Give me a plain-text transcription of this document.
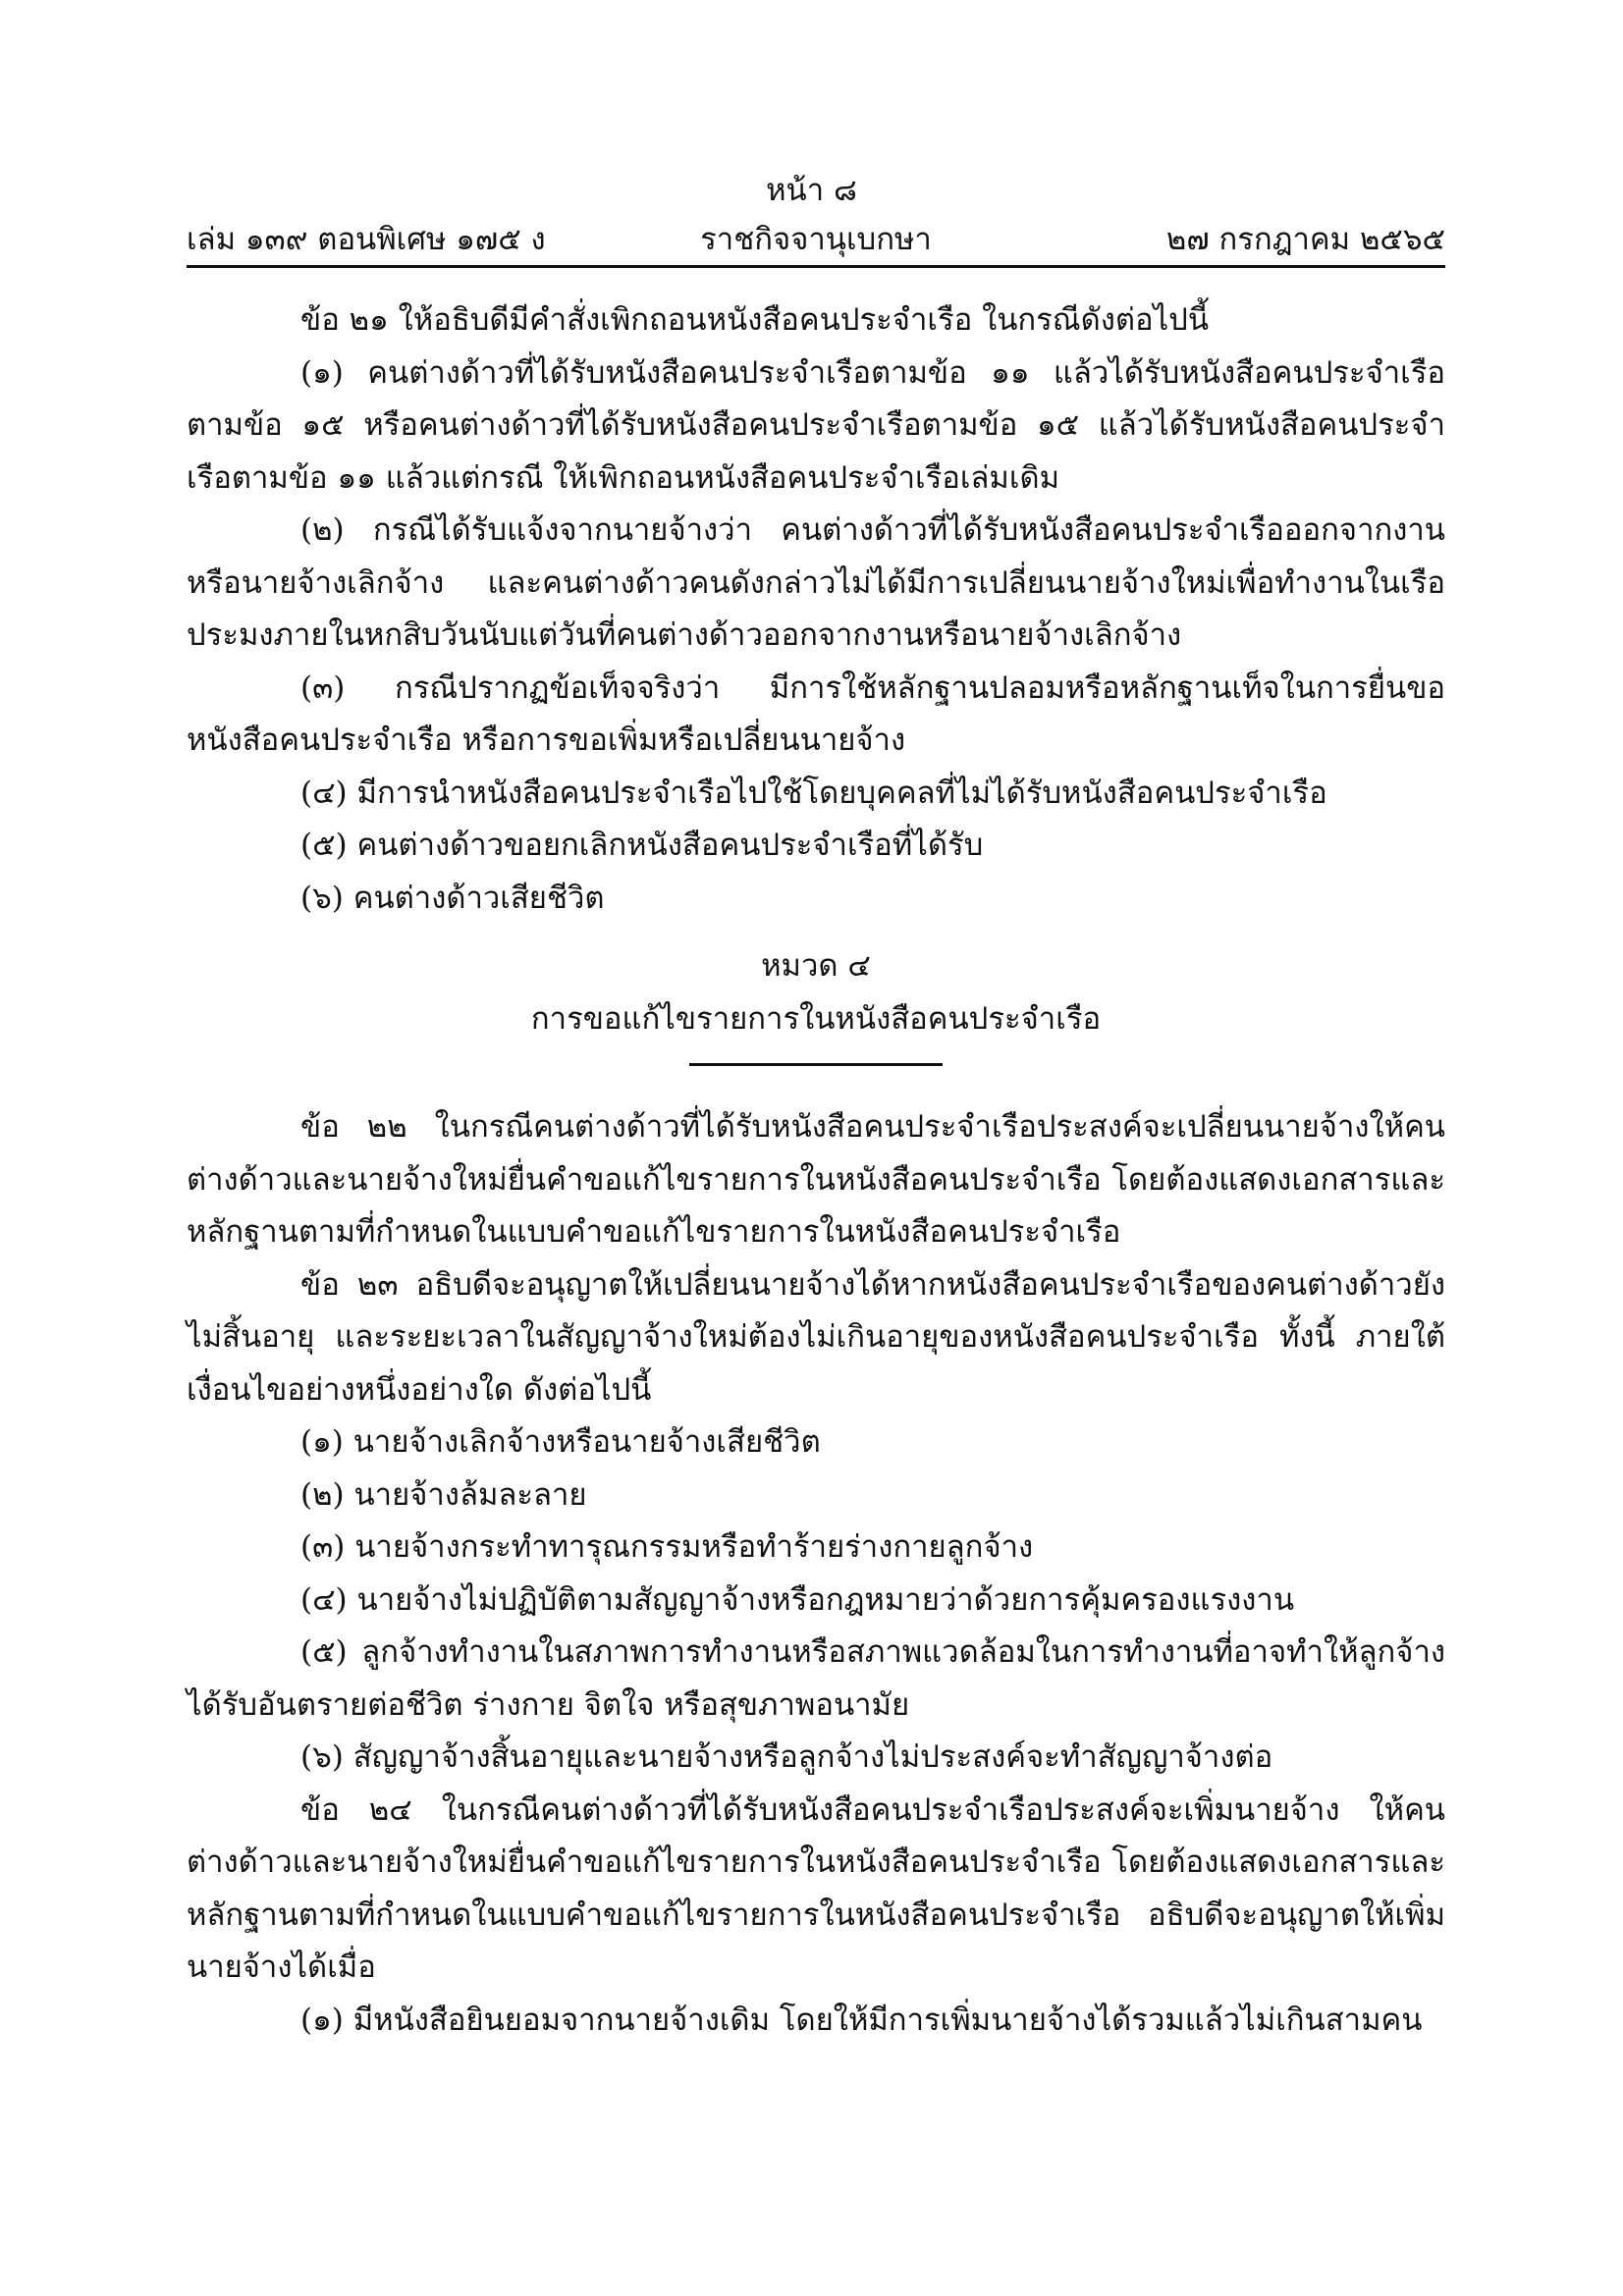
หน้า ๘
ราชกิจจานุเบกษา
เล่ม ๑๓๙ ตอนพิเศษ ๑๗๕ ง	๒๗ กรกฎาคม ๒๕๖๕

ข้อ ๒๑ ให้อธิบดีมีคำสั่งเพิกถอนหนังสือคนประจำเรือ ในกรณีดังต่อไปนี้

(๑) คนต่างด้าวที่ได้รับหนังสือคนประจำเรือตามข้อ ๑๑ แล้วได้รับหนังสือคนประจำเรือตามข้อ ๑๕ หรือคนต่างด้าวที่ได้รับหนังสือคนประจำเรือตามข้อ ๑๕ แล้วได้รับหนังสือคนประจำเรือตามข้อ ๑๑ แล้วแต่กรณี ให้เพิกถอนหนังสือคนประจำเรือเล่มเดิม

(๒) กรณีได้รับแจ้งจากนายจ้างว่า คนต่างด้าวที่ได้รับหนังสือคนประจำเรือออกจากงานหรือนายจ้างเลิกจ้าง และคนต่างด้าวคนดังกล่าวไม่ได้มีการเปลี่ยนนายจ้างใหม่เพื่อทำงานในเรือประมงภายในหกสิบวันนับแต่วันที่คนต่างด้าวออกจากงานหรือนายจ้างเลิกจ้าง

(๓) กรณีปรากฏข้อเท็จจริงว่า มีการใช้หลักฐานปลอมหรือหลักฐานเท็จในการยื่นขอหนังสือคนประจำเรือ หรือการขอเพิ่มหรือเปลี่ยนนายจ้าง

(๔) มีการนำหนังสือคนประจำเรือไปใช้โดยบุคคลที่ไม่ได้รับหนังสือคนประจำเรือ

(๕) คนต่างด้าวขอยกเลิกหนังสือคนประจำเรือที่ได้รับ

(๖) คนต่างด้าวเสียชีวิต

หมวด ๔

การขอแก้ไขรายการในหนังสือคนประจำเรือ

ข้อ ๒๒ ในกรณีคนต่างด้าวที่ได้รับหนังสือคนประจำเรือประสงค์จะเปลี่ยนนายจ้างให้คนต่างด้าวและนายจ้างใหม่ยื่นคำขอแก้ไขรายการในหนังสือคนประจำเรือ โดยต้องแสดงเอกสารและหลักฐานตามที่กำหนดในแบบคำขอแก้ไขรายการในหนังสือคนประจำเรือ

ข้อ ๒๓ อธิบดีจะอนุญาตให้เปลี่ยนนายจ้างได้หากหนังสือคนประจำเรือของคนต่างด้าวยังไม่สิ้นอายุ และระยะเวลาในสัญญาจ้างใหม่ต้องไม่เกินอายุของหนังสือคนประจำเรือ ทั้งนี้ ภายใต้เงื่อนไขอย่างหนึ่งอย่างใด ดังต่อไปนี้

(๑) นายจ้างเลิกจ้างหรือนายจ้างเสียชีวิต

(๒) นายจ้างล้มละลาย

(๓) นายจ้างกระทำทารุณกรรมหรือทำร้ายร่างกายลูกจ้าง

(๔) นายจ้างไม่ปฏิบัติตามสัญญาจ้างหรือกฎหมายว่าด้วยการคุ้มครองแรงงาน

(๕) ลูกจ้างทำงานในสภาพการทำงานหรือสภาพแวดล้อมในการทำงานที่อาจทำให้ลูกจ้างได้รับอันตรายต่อชีวิต ร่างกาย จิตใจ หรือสุขภาพอนามัย

(๖) สัญญาจ้างสิ้นอายุและนายจ้างหรือลูกจ้างไม่ประสงค์จะทำสัญญาจ้างต่อ

ข้อ ๒๔ ในกรณีคนต่างด้าวที่ได้รับหนังสือคนประจำเรือประสงค์จะเพิ่มนายจ้าง ให้คนต่างด้าวและนายจ้างใหม่ยื่นคำขอแก้ไขรายการในหนังสือคนประจำเรือ โดยต้องแสดงเอกสารและหลักฐานตามที่กำหนดในแบบคำขอแก้ไขรายการในหนังสือคนประจำเรือ อธิบดีจะอนุญาตให้เพิ่มนายจ้างได้เมื่อ

(๑) มีหนังสือยินยอมจากนายจ้างเดิม โดยให้มีการเพิ่มนายจ้างได้รวมแล้วไม่เกินสามคน
